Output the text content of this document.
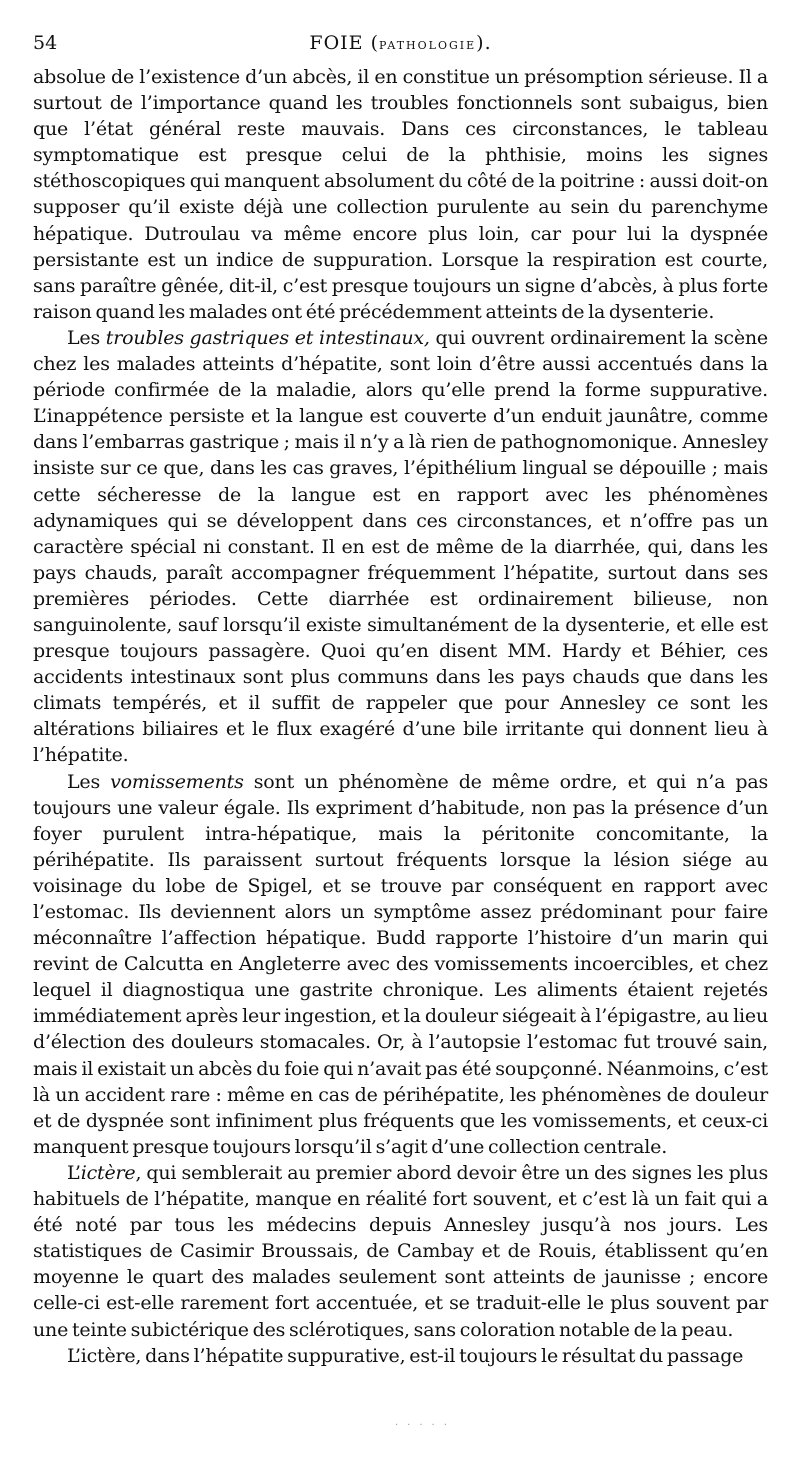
54	FOIE (pathologie).

absolue de l’existence d’un abcès, il en constitue un présomption sérieuse. Il a surtout de l’importance quand les troubles fonctionnels sont subaigus, bien que l’état général reste mauvais. Dans ces circonstances, le tableau symptomatique est presque celui de la phthisie, moins les signes stéthoscopiques qui manquent absolument du côté de la poitrine : aussi doit-on supposer qu’il existe déjà une collection purulente au sein du parenchyme hépatique. Dutroulau va même encore plus loin, car pour lui la dyspnée persistante est un indice de suppuration. Lorsque la respiration est courte, sans paraître gênée, dit-il, c’est presque toujours un signe d’abcès, à plus forte raison quand les malades ont été précédemment atteints de la dysenterie.

Les troubles gastriques et intestinaux, qui ouvrent ordinairement la scène chez les malades atteints d’hépatite, sont loin d’être aussi accentués dans la période confirmée de la maladie, alors qu’elle prend la forme suppurative. L’inappétence persiste et la langue est couverte d’un enduit jaunâtre, comme dans l’embarras gastrique ; mais il n’y a là rien de pathognomonique. Annesley insiste sur ce que, dans les cas graves, l’épithélium lingual se dépouille ; mais cette sécheresse de la langue est en rapport avec les phénomènes adynamiques qui se développent dans ces circonstances, et n’offre pas un caractère spécial ni constant. Il en est de même de la diarrhée, qui, dans les pays chauds, paraît accompagner fréquemment l’hépatite, surtout dans ses premières périodes. Cette diarrhée est ordinairement bilieuse, non sanguinolente, sauf lorsqu’il existe simultanément de la dysenterie, et elle est presque toujours passagère. Quoi qu’en disent MM. Hardy et Béhier, ces accidents intestinaux sont plus communs dans les pays chauds que dans les climats tempérés, et il suffit de rappeler que pour Annesley ce sont les altérations biliaires et le flux exagéré d’une bile irritante qui donnent lieu à l’hépatite.

Les vomissements sont un phénomène de même ordre, et qui n’a pas toujours une valeur égale. Ils expriment d’habitude, non pas la présence d’un foyer purulent intra-hépatique, mais la péritonite concomitante, la périhépatite. Ils paraissent surtout fréquents lorsque la lésion siége au voisinage du lobe de Spigel, et se trouve par conséquent en rapport avec l’estomac. Ils deviennent alors un symptôme assez prédominant pour faire méconnaître l’affection hépatique. Budd rapporte l’histoire d’un marin qui revint de Calcutta en Angleterre avec des vomissements incoercibles, et chez lequel il diagnostiqua une gastrite chronique. Les aliments étaient rejetés immédiatement après leur ingestion, et la douleur siégeait à l’épigastre, au lieu d’élection des douleurs stomacales. Or, à l’autopsie l’estomac fut trouvé sain, mais il existait un abcès du foie qui n’avait pas été soupçonné. Néanmoins, c’est là un accident rare : même en cas de périhépatite, les phénomènes de douleur et de dyspnée sont infiniment plus fréquents que les vomissements, et ceux-ci manquent presque toujours lorsqu’il s’agit d’une collection centrale.

L’ictère, qui semblerait au premier abord devoir être un des signes les plus habituels de l’hépatite, manque en réalité fort souvent, et c’est là un fait qui a été noté par tous les médecins depuis Annesley jusqu’à nos jours. Les statistiques de Casimir Broussais, de Cambay et de Rouis, établissent qu’en moyenne le quart des malades seulement sont atteints de jaunisse ; encore celle-ci est-elle rarement fort accentuée, et se traduit-elle le plus souvent par une teinte subictérique des sclérotiques, sans coloration notable de la peau.

L’ictère, dans l’hépatite suppurative, est-il toujours le résultat du passage

·····
